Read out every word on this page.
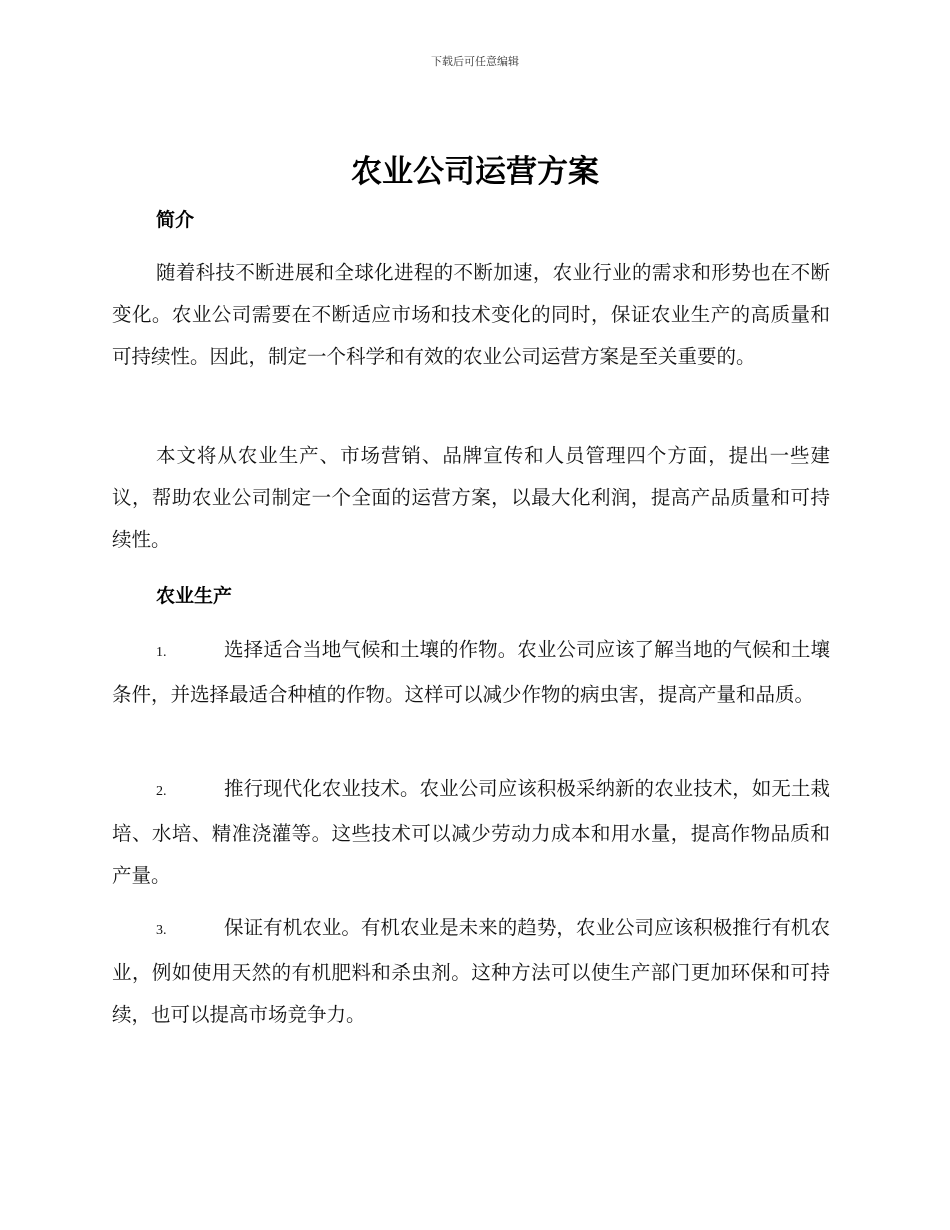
下载后可任意编辑
农业公司运营方案
简介

随着科技不断进展和全球化进程的不断加速，农业行业的需求和形势也在不断变化。农业公司需要在不断适应市场和技术变化的同时，保证农业生产的高质量和可持续性。因此，制定一个科学和有效的农业公司运营方案是至关重要的。

本文将从农业生产、市场营销、品牌宣传和人员管理四个方面，提出一些建议，帮助农业公司制定一个全面的运营方案，以最大化利润，提高产品质量和可持续性。

农业生产

1.	选择适合当地气候和土壤的作物。农业公司应该了解当地的气候和土壤条件，并选择最适合种植的作物。这样可以减少作物的病虫害，提高产量和品质。

2.	推行现代化农业技术。农业公司应该积极采纳新的农业技术，如无土栽培、水培、精准浇灌等。这些技术可以减少劳动力成本和用水量，提高作物品质和产量。

3.	保证有机农业。有机农业是未来的趋势，农业公司应该积极推行有机农业，例如使用天然的有机肥料和杀虫剂。这种方法可以使生产部门更加环保和可持续，也可以提高市场竞争力。
